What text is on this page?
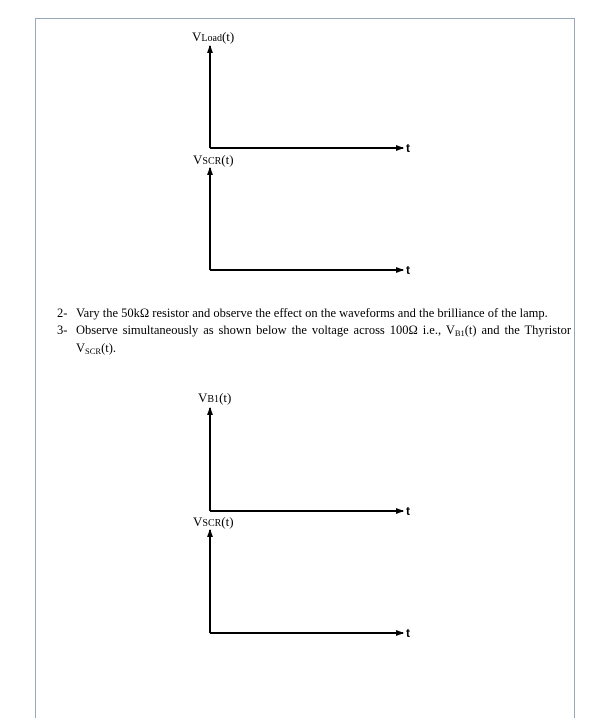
VLoad(t)
t
VSCR(t)
t
2- Vary the 50kΩ resistor and observe the effect on the waveforms and the brilliance of the lamp.
3- Observe simultaneously as shown below the voltage across 100Ω i.e., $V_{B1}(t)$ and the Thyristor $V_{SCR}(t)$.
VB1(t)
t
VSCR(t)
t
